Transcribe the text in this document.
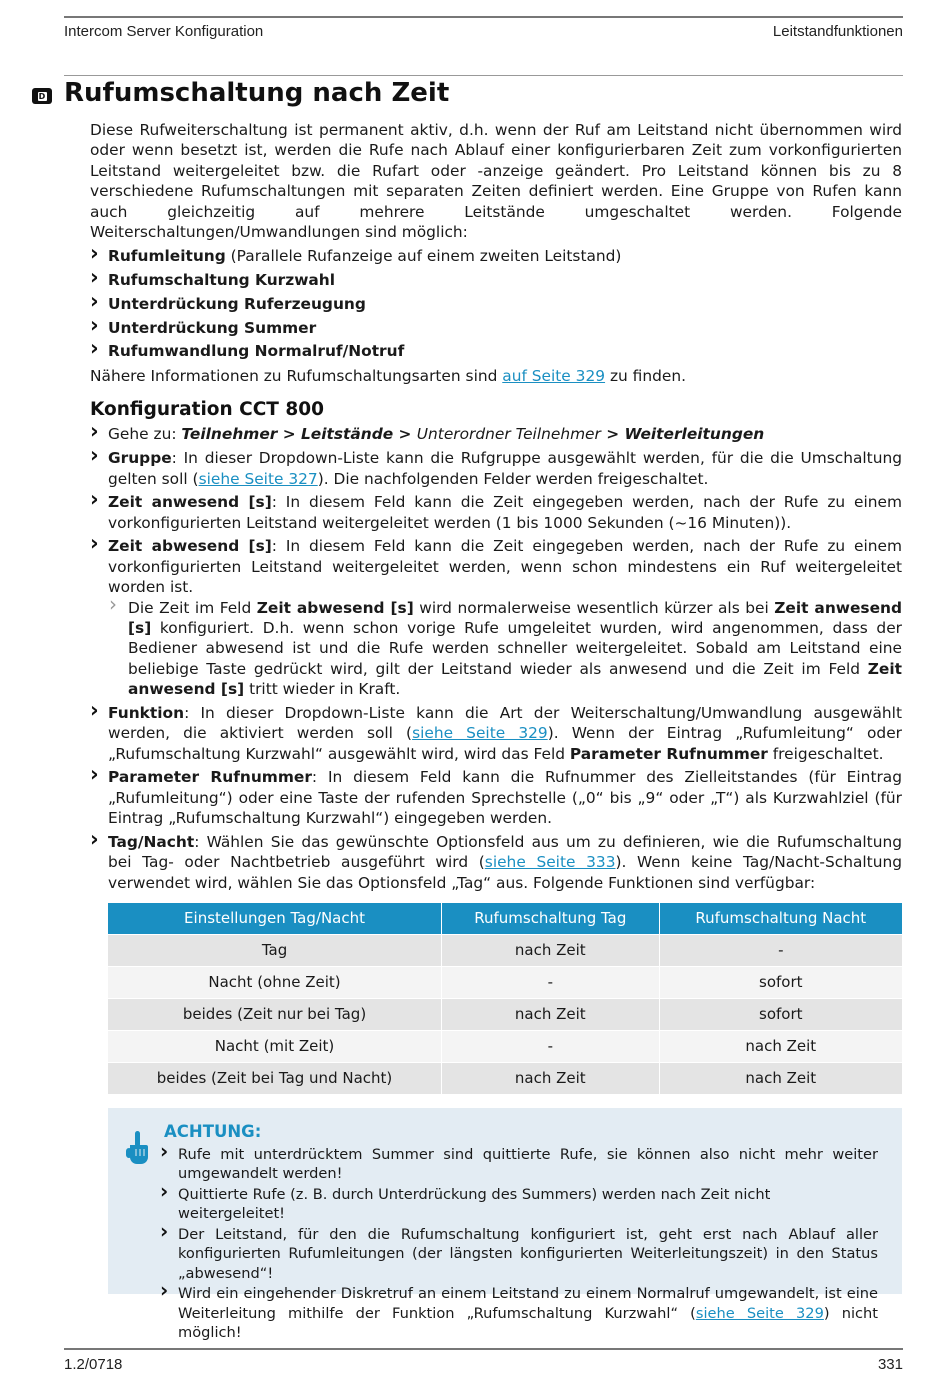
Intercom Server Konfiguration	Leitstandfunktionen
D Rufumschaltung nach Zeit

Diese Rufweiterschaltung ist permanent aktiv, d.h. wenn der Ruf am Leitstand nicht übernommen wird oder wenn besetzt ist, werden die Rufe nach Ablauf einer konfigurierbaren Zeit zum vorkonfigurierten Leitstand weitergeleitet bzw. die Rufart oder -anzeige geändert. Pro Leitstand können bis zu 8 verschiedene Rufumschaltungen mit separaten Zeiten definiert werden. Eine Gruppe von Rufen kann auch gleichzeitig auf mehrere Leitstände umgeschaltet werden. Folgende Weiterschaltungen/Umwandlungen sind möglich:

› Rufumleitung (Parallele Rufanzeige auf einem zweiten Leitstand)
› Rufumschaltung Kurzwahl
› Unterdrückung Ruferzeugung
› Unterdrückung Summer
› Rufumwandlung Normalruf/Notruf

Nähere Informationen zu Rufumschaltungsarten sind auf Seite 329 zu finden.

Konfiguration CCT 800
› Gehe zu: Teilnehmer > Leitstände > Unterordner Teilnehmer > Weiterleitungen
› Gruppe: In dieser Dropdown-Liste kann die Rufgruppe ausgewählt werden, für die die Umschaltung gelten soll (siehe Seite 327). Die nachfolgenden Felder werden freigeschaltet.
› Zeit anwesend [s]: In diesem Feld kann die Zeit eingegeben werden, nach der Rufe zu einem vorkonfigurierten Leitstand weitergeleitet werden (1 bis 1000 Sekunden (~16 Minuten)).
› Zeit abwesend [s]: In diesem Feld kann die Zeit eingegeben werden, nach der Rufe zu einem vorkonfigurierten Leitstand weitergeleitet werden, wenn schon mindestens ein Ruf weitergeleitet worden ist.
› Die Zeit im Feld Zeit abwesend [s] wird normalerweise wesentlich kürzer als bei Zeit anwesend [s] konfiguriert. D.h. wenn schon vorige Rufe umgeleitet wurden, wird angenommen, dass der Bediener abwesend ist und die Rufe werden schneller weitergeleitet. Sobald am Leitstand eine beliebige Taste gedrückt wird, gilt der Leitstand wieder als anwesend und die Zeit im Feld Zeit anwesend [s] tritt wieder in Kraft.
› Funktion: In dieser Dropdown-Liste kann die Art der Weiterschaltung/Umwandlung ausgewählt werden, die aktiviert werden soll (siehe Seite 329). Wenn der Eintrag „Rufumleitung“ oder „Rufumschaltung Kurzwahl“ ausgewählt wird, wird das Feld Parameter Rufnummer freigeschaltet.
› Parameter Rufnummer: In diesem Feld kann die Rufnummer des Zielleitstandes (für Eintrag „Rufumleitung“) oder eine Taste der rufenden Sprechstelle („0“ bis „9“ oder „T“) als Kurzwahlziel (für Eintrag „Rufumschaltung Kurzwahl“) eingegeben werden.
› Tag/Nacht: Wählen Sie das gewünschte Optionsfeld aus um zu definieren, wie die Rufumschaltung bei Tag- oder Nachtbetrieb ausgeführt wird (siehe Seite 333). Wenn keine Tag/Nacht-Schaltung verwendet wird, wählen Sie das Optionsfeld „Tag“ aus. Folgende Funktionen sind verfügbar:
Einstellungen Tag/Nacht	Rufumschaltung Tag	Rufumschaltung Nacht
Tag	nach Zeit	-
Nacht (ohne Zeit)	-	sofort
beides (Zeit nur bei Tag)	nach Zeit	sofort
Nacht (mit Zeit)	-	nach Zeit
beides (Zeit bei Tag und Nacht)	nach Zeit	nach Zeit
ACHTUNG:
› Rufe mit unterdrücktem Summer sind quittierte Rufe, sie können also nicht mehr weiter umgewandelt werden!
› Quittierte Rufe (z. B. durch Unterdrückung des Summers) werden nach Zeit nicht weitergeleitet!
› Der Leitstand, für den die Rufumschaltung konfiguriert ist, geht erst nach Ablauf aller konfigurierten Rufumleitungen (der längsten konfigurierten Weiterleitungszeit) in den Status „abwesend“!
› Wird ein eingehender Diskretruf an einem Leitstand zu einem Normalruf umgewandelt, ist eine Weiterleitung mithilfe der Funktion „Rufumschaltung Kurzwahl“ (siehe Seite 329) nicht möglich!
1.2/0718	331
